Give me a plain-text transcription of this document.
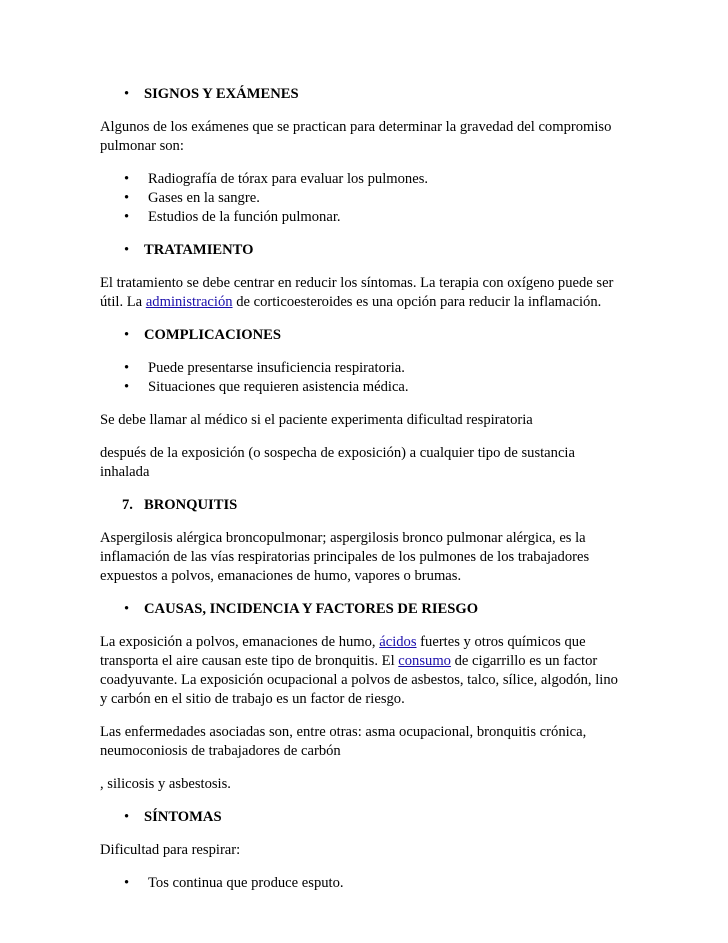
• SIGNOS Y EXÁMENES

Algunos de los exámenes que se practican para determinar la gravedad del compromiso pulmonar son:

• Radiografía de tórax para evaluar los pulmones.
• Gases en la sangre.
• Estudios de la función pulmonar.
• TRATAMIENTO

El tratamiento se debe centrar en reducir los síntomas. La terapia con oxígeno puede ser útil. La administración de corticoesteroides es una opción para reducir la inflamación.

• COMPLICACIONES
• Puede presentarse insuficiencia respiratoria.
• Situaciones que requieren asistencia médica.

Se debe llamar al médico si el paciente experimenta dificultad respiratoria

después de la exposición (o sospecha de exposición) a cualquier tipo de sustancia inhalada

7. BRONQUITIS

Aspergilosis alérgica broncopulmonar; aspergilosis bronco pulmonar alérgica, es la inflamación de las vías respiratorias principales de los pulmones de los trabajadores expuestos a polvos, emanaciones de humo, vapores o brumas.

• CAUSAS, INCIDENCIA Y FACTORES DE RIESGO

La exposición a polvos, emanaciones de humo, ácidos fuertes y otros químicos que transporta el aire causan este tipo de bronquitis. El consumo de cigarrillo es un factor coadyuvante. La exposición ocupacional a polvos de asbestos, talco, sílice, algodón, lino y carbón en el sitio de trabajo es un factor de riesgo.

Las enfermedades asociadas son, entre otras: asma ocupacional, bronquitis crónica, neumoconiosis de trabajadores de carbón

, silicosis y asbestosis.

• SÍNTOMAS

Dificultad para respirar:

• Tos continua que produce esputo.
